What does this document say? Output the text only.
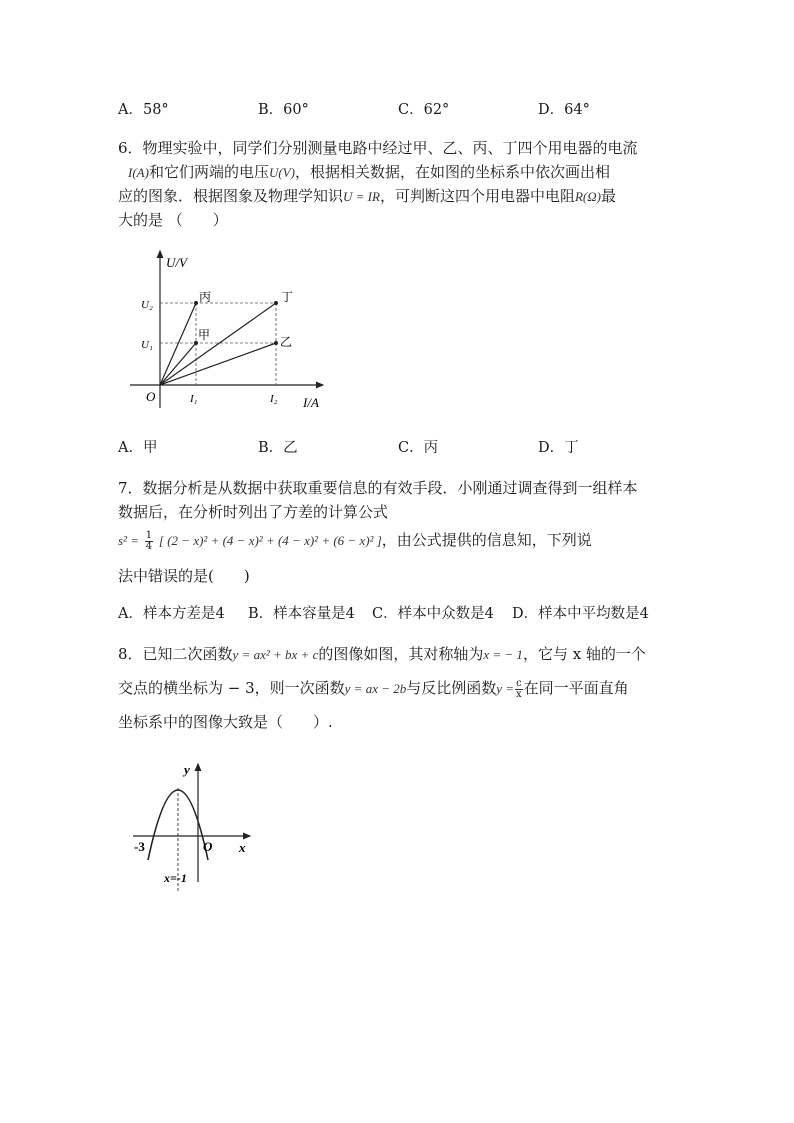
A．58°	B．60°	C．62°	D．64°
6．物理实验中，同学们分别测量电路中经过甲、乙、丙、丁四个用电器的电流
I(A)和它们两端的电压U(V)，根据相关数据，在如图的坐标系中依次画出相
应的图象．根据图象及物理学知识U = IR，可判断这四个用电器中电阻R(Ω)最
大的是 （　　）
U/V
I/A
O
U₂
U₁
I₁	I₂
丙	丁
甲	乙
A．甲	B．乙	C．丙	D．丁
7．数据分析是从数据中获取重要信息的有效手段．小刚通过调查得到一组样本
数据后，在分析时列出了方差的计算公式
$s^2 = \frac{1}{4}$ [ (2 − x)² + (4 − x)² + (4 − x)² + (6 − x)² ]，由公式提供的信息知，下列说
法中错误的是(　　)
A．样本方差是4 B．样本容量是4 C．样本中众数是4 D．样本中平均数是4
8．已知二次函数y = ax² + bx + c的图像如图，其对称轴为x = − 1，它与 x 轴的一个
交点的横坐标为 − 3，则一次函数y = ax − 2b与反比例函数$y = \frac{c}{x}$ 在同一平面直角
坐标系中的图像大致是（　　）.
y
x
O
-3
x=-1
